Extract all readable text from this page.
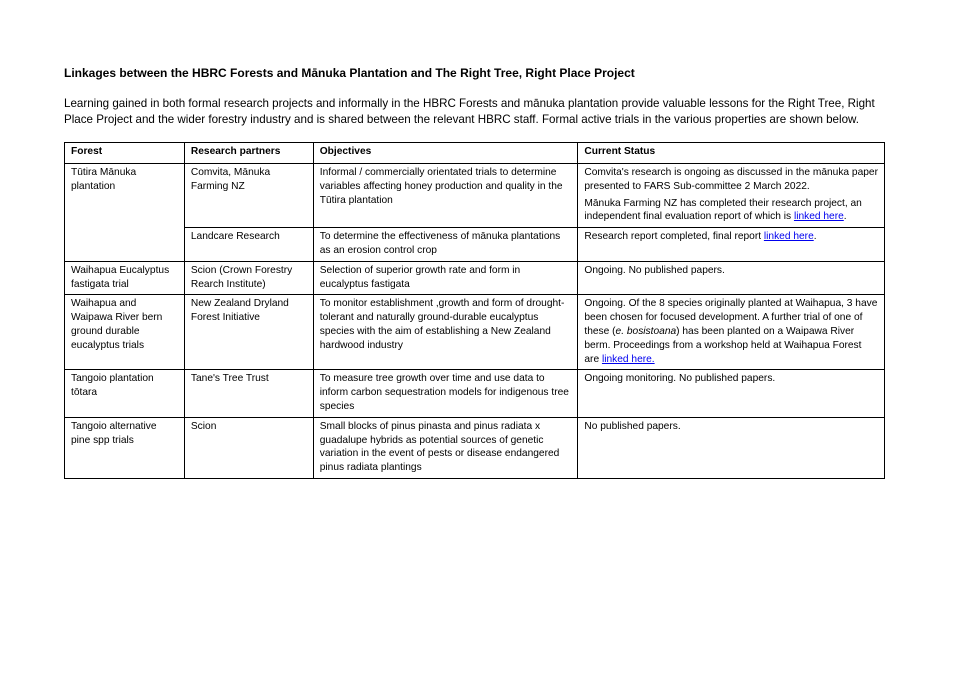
Linkages between the HBRC Forests and Mānuka Plantation and The Right Tree, Right Place Project

Learning gained in both formal research projects and informally in the HBRC Forests and mānuka plantation provide valuable lessons for the Right Tree, Right Place Project and the wider forestry industry and is shared between the relevant HBRC staff. Formal active trials in the various properties are shown below.

Forest	Research partners	Objectives	Current Status
Tūtira Mānuka plantation	Comvita, Mānuka Farming NZ	Informal / commercially orientated trials to determine variables affecting honey production and quality in the Tūtira plantation	Comvita's research is ongoing as discussed in the mānuka paper presented to FARS Sub-committee 2 March 2022.

Mānuka Farming NZ has completed their research project, an independent final evaluation report of which is linked here.

	Landcare Research	To determine the effectiveness of mānuka plantations as an erosion control crop	Research report completed, final report linked here.
Waihapua Eucalyptus fastigata trial	Scion (Crown Forestry Rearch Institute)	Selection of superior growth rate and form in eucalyptus fastigata	Ongoing. No published papers.
Waihapua and Waipawa River bern ground durable eucalyptus trials	New Zealand Dryland Forest Initiative	To monitor establishment ,growth and form of drought-tolerant and naturally ground-durable eucalyptus species with the aim of establishing a New Zealand hardwood industry	Ongoing. Of the 8 species originally planted at Waihapua, 3 have been chosen for focused development. A further trial of one of these (e. bosistoana) has been planted on a Waipawa River berm. Proceedings from a workshop held at Waihapua Forest are linked here.
Tangoio plantation tōtara	Tane's Tree Trust	To measure tree growth over time and use data to inform carbon sequestration models for indigenous tree species	Ongoing monitoring. No published papers.
Tangoio alternative pine spp trials	Scion	Small blocks of pinus pinasta and pinus radiata x guadalupe hybrids as potential sources of genetic variation in the event of pests or disease endangered pinus radiata plantings	No published papers.
